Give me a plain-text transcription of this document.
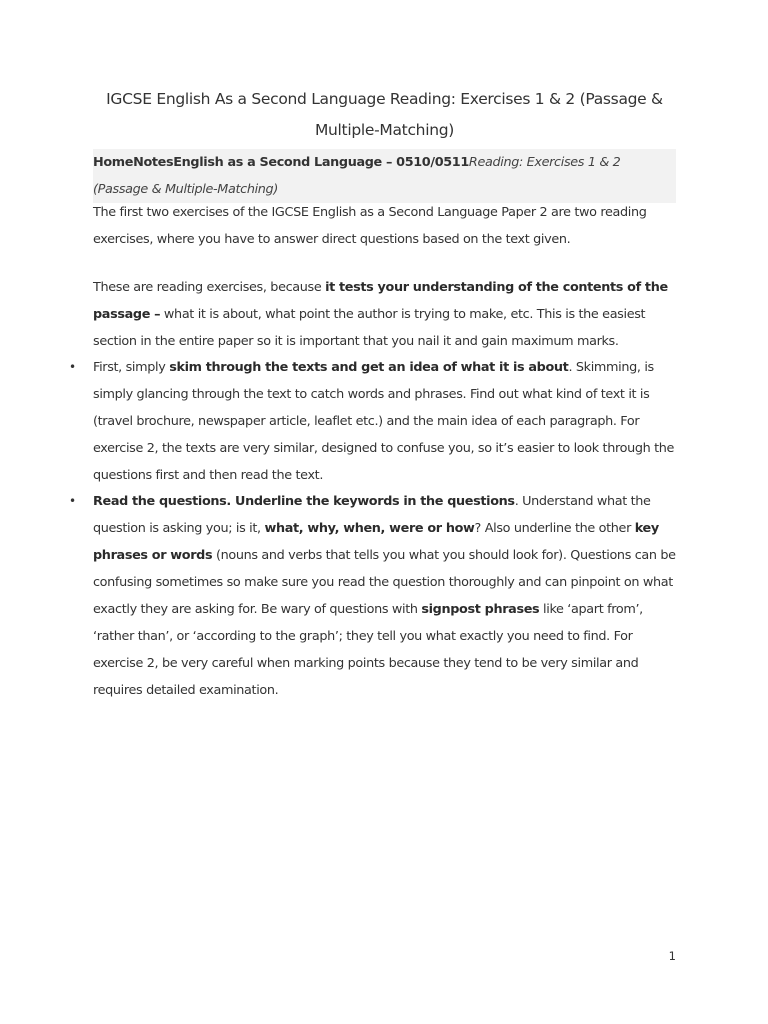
IGCSE English As a Second Language Reading: Exercises 1 & 2 (Passage & Multiple-Matching)
HomeNotesEnglish as a Second Language – 0510/0511Reading: Exercises 1 & 2 (Passage & Multiple-Matching)
The first two exercises of the IGCSE English as a Second Language Paper 2 are two reading exercises, where you have to answer direct questions based on the text given.
These are reading exercises, because it tests your understanding of the contents of the passage – what it is about, what point the author is trying to make, etc. This is the easiest section in the entire paper so it is important that you nail it and gain maximum marks.
• First, simply skim through the texts and get an idea of what it is about. Skimming, is simply glancing through the text to catch words and phrases. Find out what kind of text it is (travel brochure, newspaper article, leaflet etc.) and the main idea of each paragraph. For exercise 2, the texts are very similar, designed to confuse you, so it’s easier to look through the questions first and then read the text.
• Read the questions. Underline the keywords in the questions. Understand what the question is asking you; is it, what, why, when, were or how? Also underline the other key phrases or words (nouns and verbs that tells you what you should look for). Questions can be confusing sometimes so make sure you read the question thoroughly and can pinpoint on what exactly they are asking for. Be wary of questions with signpost phrases like ‘apart from’, ‘rather than’, or ‘according to the graph’; they tell you what exactly you need to find. For exercise 2, be very careful when marking points because they tend to be very similar and requires detailed examination.
1
